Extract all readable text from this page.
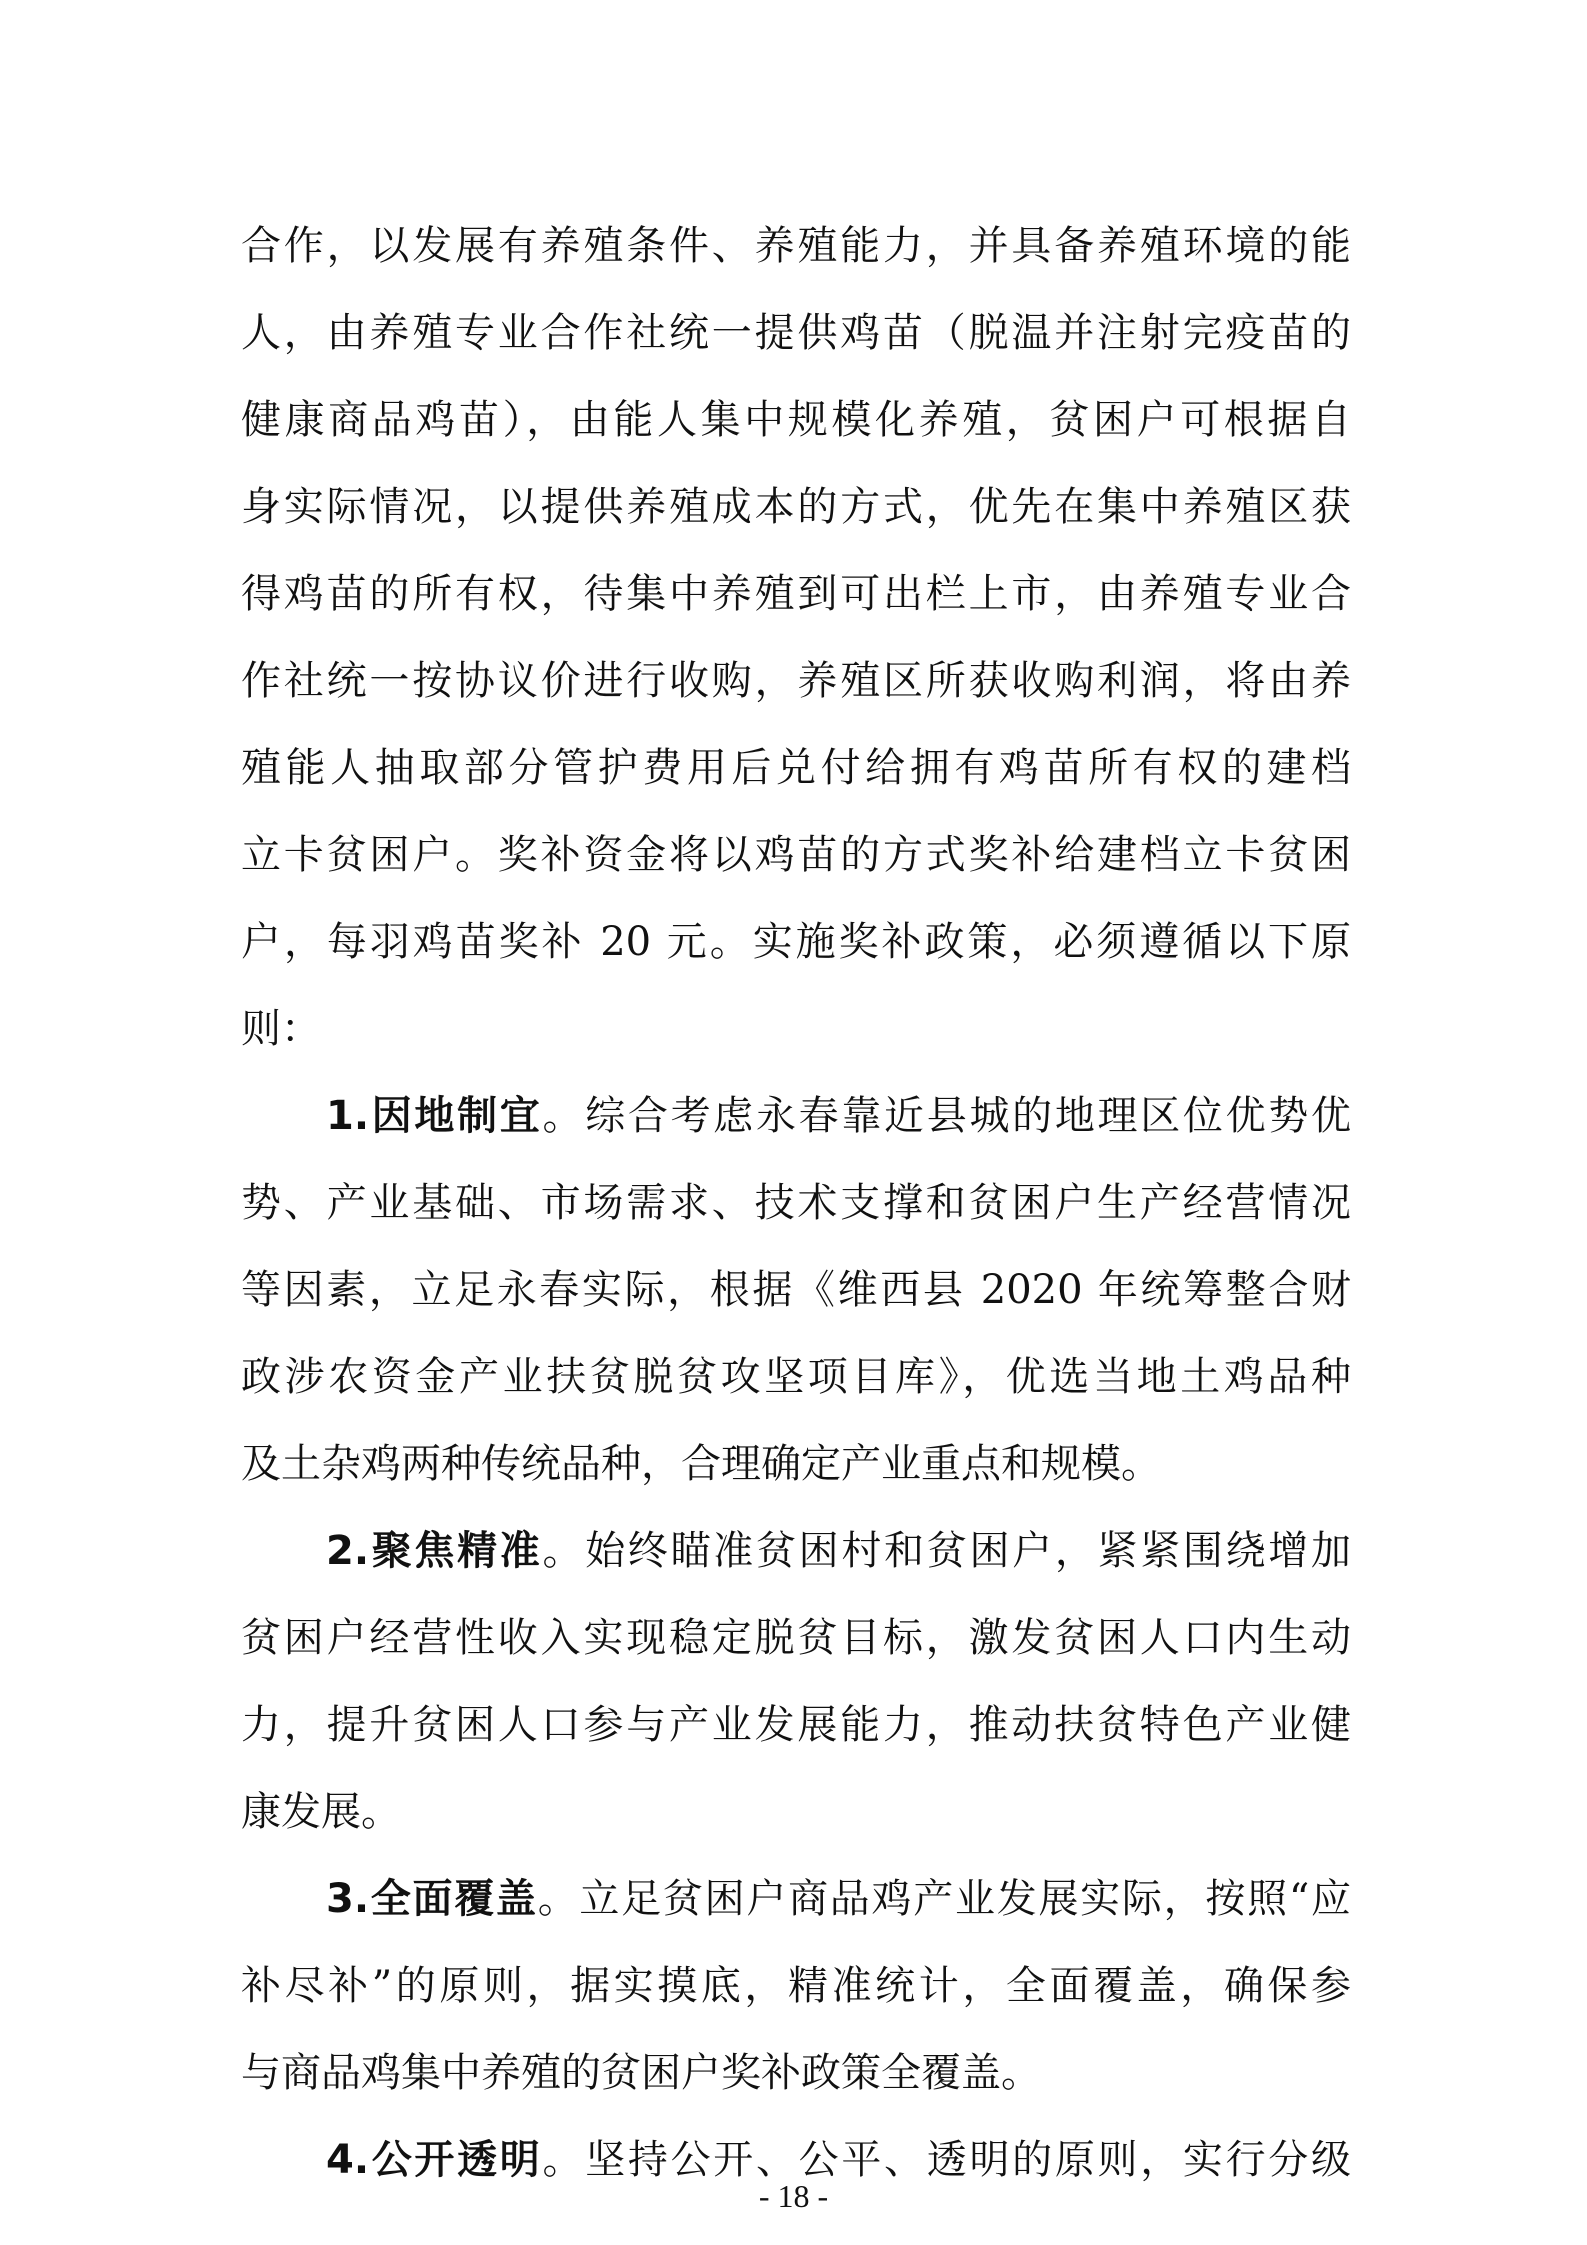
合作，以发展有养殖条件、养殖能力，并具备养殖环境的能
人，由养殖专业合作社统一提供鸡苗（脱温并注射完疫苗的
健康商品鸡苗），由能人集中规模化养殖，贫困户可根据自
身实际情况，以提供养殖成本的方式，优先在集中养殖区获
得鸡苗的所有权，待集中养殖到可出栏上市，由养殖专业合
作社统一按协议价进行收购，养殖区所获收购利润，将由养
殖能人抽取部分管护费用后兑付给拥有鸡苗所有权的建档
立卡贫困户。奖补资金将以鸡苗的方式奖补给建档立卡贫困
户，每羽鸡苗奖补 20 元。实施奖补政策，必须遵循以下原
则：
1.因地制宜。综合考虑永春靠近县城的地理区位优势优
势、产业基础、市场需求、技术支撑和贫困户生产经营情况
等因素，立足永春实际，根据《维西县 2020 年统筹整合财
政涉农资金产业扶贫脱贫攻坚项目库》，优选当地土鸡品种
及土杂鸡两种传统品种，合理确定产业重点和规模。
2.聚焦精准。始终瞄准贫困村和贫困户，紧紧围绕增加
贫困户经营性收入实现稳定脱贫目标，激发贫困人口内生动
力，提升贫困人口参与产业发展能力，推动扶贫特色产业健
康发展。
3.全面覆盖。立足贫困户商品鸡产业发展实际，按照“应
补尽补”的原则，据实摸底，精准统计，全面覆盖，确保参
与商品鸡集中养殖的贫困户奖补政策全覆盖。
4.公开透明。坚持公开、公平、透明的原则，实行分级
- 18 -
